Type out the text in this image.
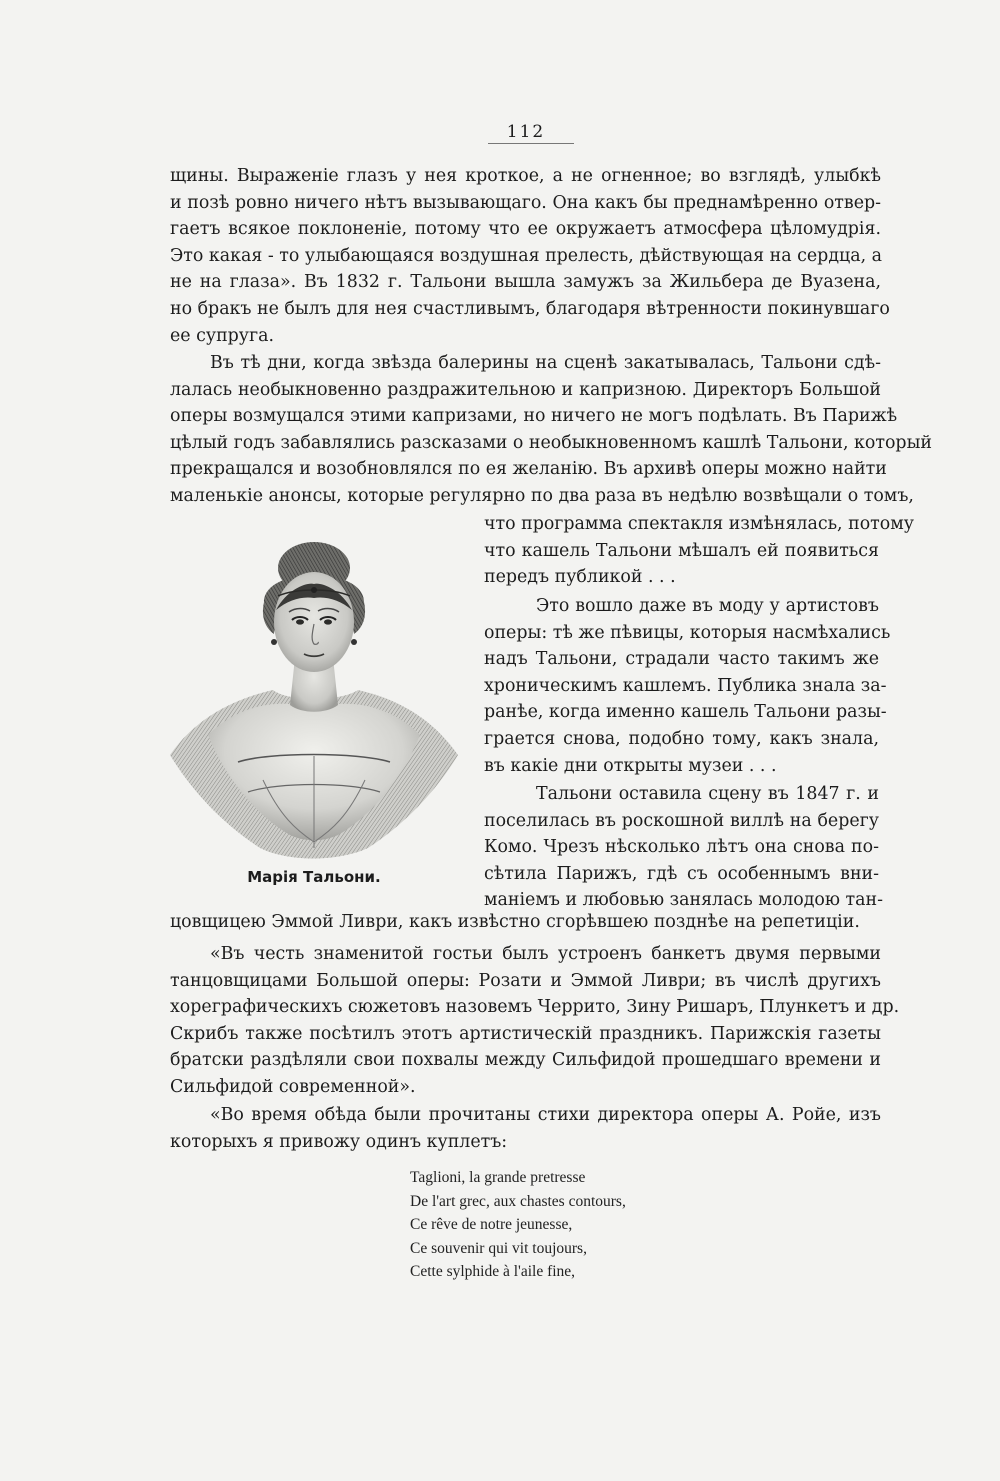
112
щины. Выраженіе глазъ у нея кроткое, а не огненное; во взглядѣ, улыбкѣ
и позѣ ровно ничего нѣтъ вызывающаго. Она какъ бы преднамѣренно отвер-
гаетъ всякое поклоненіе, потому что ее окружаетъ атмосфера цѣломудрія.
Это какая - то улыбающаяся воздушная прелесть, дѣйствующая на сердца, а
не на глаза». Въ 1832 г. Тальони вышла замужъ за Жильбера де Вуазена,
но бракъ не былъ для нея счастливымъ, благодаря вѣтренности покинувшаго
ее супруга.
Въ тѣ дни, когда звѣзда балерины на сценѣ закатывалась, Тальони сдѣ-
лалась необыкновенно раздражительною и капризною. Директоръ Большой
оперы возмущался этими капризами, но ничего не могъ подѣлать. Въ Парижѣ
цѣлый годъ забавлялись разсказами о необыкновенномъ кашлѣ Тальони, который
прекращался и возобновлялся по ея желанію. Въ архивѣ оперы можно найти
маленькіе анонсы, которые регулярно по два раза въ недѣлю возвѣщали о томъ,
что программа спектакля измѣнялась, потому
что кашель Тальони мѣшалъ ей появиться
передъ публикой . . .
Это вошло даже въ моду у артистовъ
оперы: тѣ же пѣвицы, которыя насмѣхались
надъ Тальони, страдали часто такимъ же
хроническимъ кашлемъ. Публика знала за-
ранѣе, когда именно кашель Тальони разы-
грается снова, подобно тому, какъ знала,
въ какіе дни открыты музеи . . .
Тальони оставила сцену въ 1847 г. и
поселилась въ роскошной виллѣ на берегу
Комо. Чрезъ нѣсколько лѣтъ она снова по-
сѣтила Парижъ, гдѣ съ особеннымъ вни-
маніемъ и любовью занялась молодою тан-
Марія Тальони.
цовщицею Эммой Ливри, какъ извѣстно сгорѣвшею позднѣе на репетиціи.
«Въ честь знаменитой гостьи былъ устроенъ банкетъ двумя первыми
танцовщицами Большой оперы: Розати и Эммой Ливри; въ числѣ другихъ
хореграфическихъ сюжетовъ назовемъ Черрито, Зину Ришаръ, Плункетъ и др.
Скрибъ также посѣтилъ этотъ артистическій праздникъ. Парижскія газеты
братски раздѣляли свои похвалы между Сильфидой прошедшаго времени и
Сильфидой современной».
«Во время обѣда были прочитаны стихи директора оперы А. Ройе, изъ
которыхъ я привожу одинъ куплетъ:
Taglioni, la grande pretresse
De l'art grec, aux chastes contours,
Ce rêve de notre jeunesse,
Ce souvenir qui vit toujours,
Cette sylphide à l'aile fine,
